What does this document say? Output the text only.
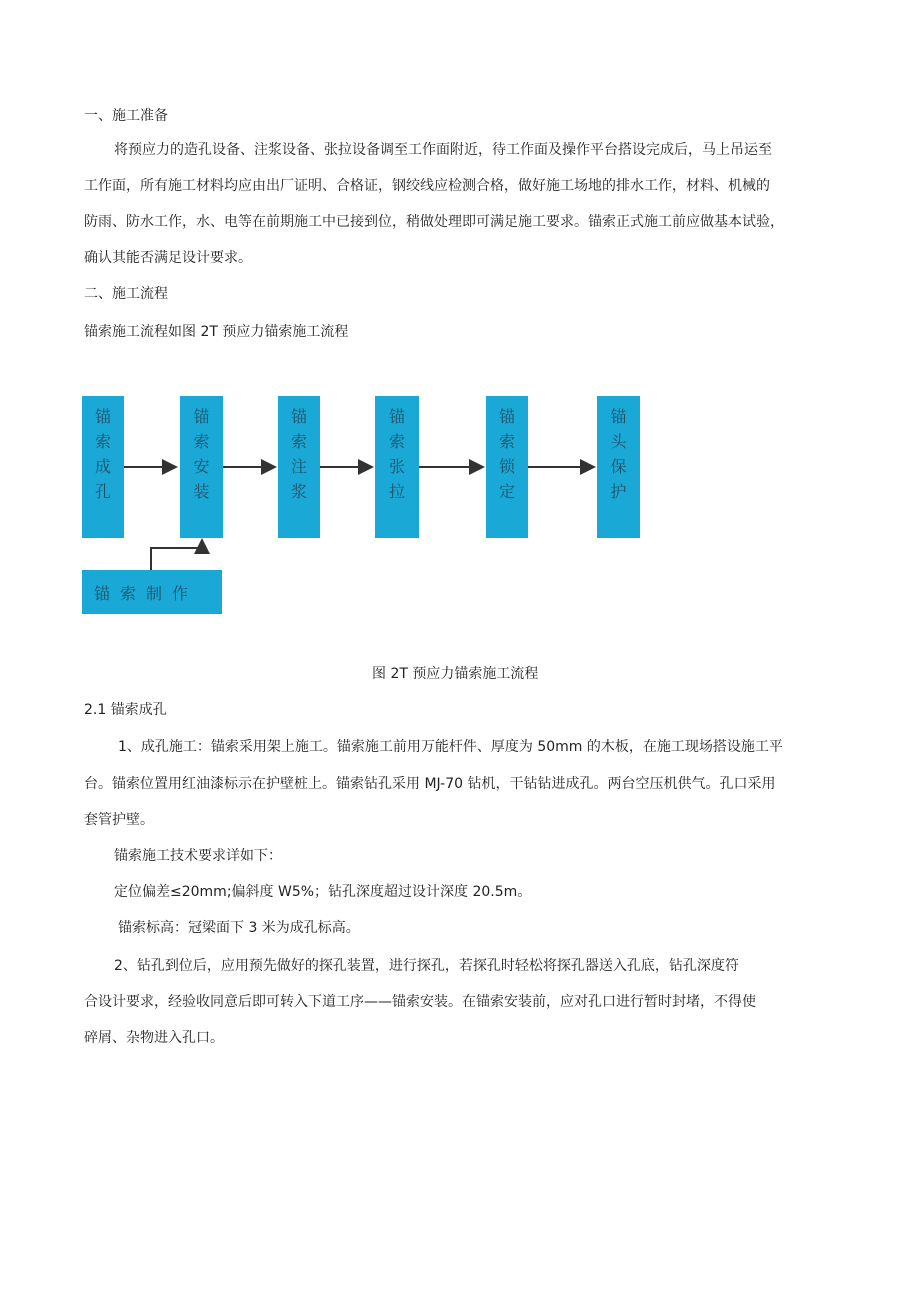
一、施工准备
将预应力的造孔设备、注浆设备、张拉设备调至工作面附近，待工作面及操作平台搭设完成后，马上吊运至
工作面，所有施工材料均应由出厂证明、合格证，钢绞线应检测合格，做好施工场地的排水工作，材料、机械的
防雨、防水工作，水、电等在前期施工中已接到位，稍做处理即可满足施工要求。锚索正式施工前应做基本试验，
确认其能否满足设计要求。
二、施工流程
锚索施工流程如图 2T 预应力锚索施工流程
锚
索
成
孔
锚
索
安
装
锚
索
注
浆
锚
索
张
拉
锚
索
锁
定
锚
头
保
护
锚索制作
图 2T 预应力锚索施工流程
2.1 锚索成孔
1、成孔施工：锚索采用架上施工。锚索施工前用万能杆件、厚度为 50mm 的木板，在施工现场搭设施工平
台。锚索位置用红油漆标示在护壁桩上。锚索钻孔采用 MJ-70 钻机，干钻钻进成孔。两台空压机供气。孔口采用
套管护壁。
锚索施工技术要求详如下：
定位偏差≤20mm;偏斜度 W5%；钻孔深度超过设计深度 20.5m。
锚索标高：冠梁面下 3 米为成孔标高。
2、钻孔到位后，应用预先做好的探孔装置，进行探孔，若探孔时轻松将探孔器送入孔底，钻孔深度符
合设计要求，经验收同意后即可转入下道工序——锚索安装。在锚索安装前，应对孔口进行暂时封堵，不得使
碎屑、杂物进入孔口。
